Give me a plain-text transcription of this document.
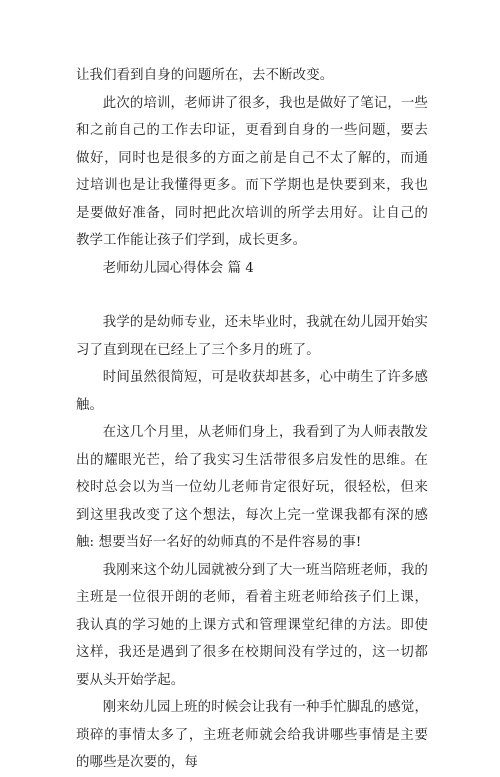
让我们看到自身的问题所在，去不断改变。

此次的培训，老师讲了很多，我也是做好了笔记，一些和之前自己的工作去印证，更看到自身的一些问题，要去做好，同时也是很多的方面之前是自己不太了解的，而通过培训也是让我懂得更多。而下学期也是快要到来，我也是要做好准备，同时把此次培训的所学去用好。让自己的教学工作能让孩子们学到，成长更多。

老师幼儿园心得体会 篇 4

我学的是幼师专业，还未毕业时，我就在幼儿园开始实习了直到现在已经上了三个多月的班了。

时间虽然很简短，可是收获却甚多，心中萌生了许多感触。

在这几个月里，从老师们身上，我看到了为人师表散发出的耀眼光芒，给了我实习生活带很多启发性的思维。在校时总会以为当一位幼儿老师肯定很好玩，很轻松，但来到这里我改变了这个想法，每次上完一堂课我都有深的感触: 想要当好一名好的幼师真的不是件容易的事!

我刚来这个幼儿园就被分到了大一班当陪班老师，我的主班是一位很开朗的老师，看着主班老师给孩子们上课，我认真的学习她的上课方式和管理课堂纪律的方法。即使这样，我还是遇到了很多在校期间没有学过的，这一切都要从头开始学起。

刚来幼儿园上班的时候会让我有一种手忙脚乱的感觉，琐碎的事情太多了，主班老师就会给我讲哪些事情是主要的哪些是次要的，每
